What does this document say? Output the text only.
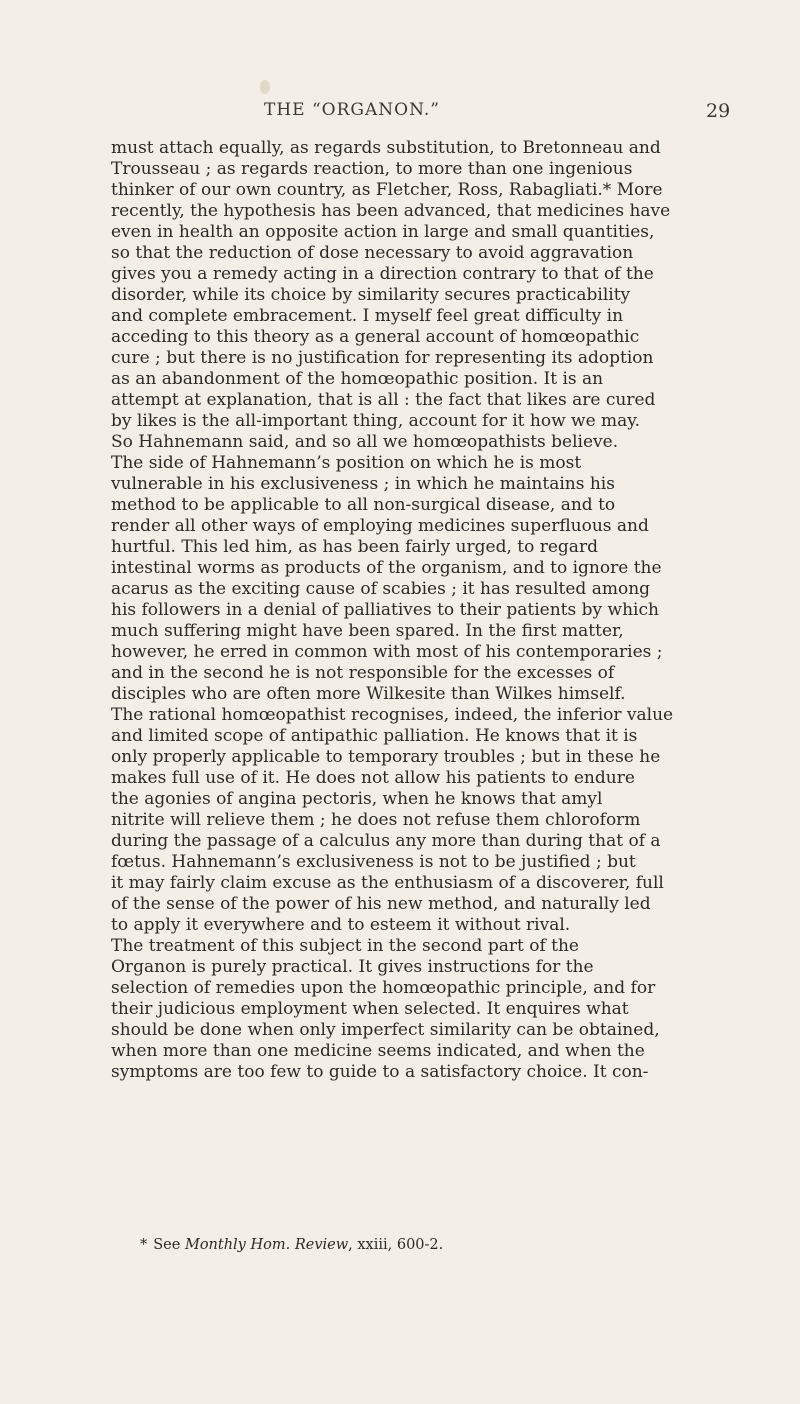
THE “ORGANON.”	29
must attach equally, as regards substitution, to Bretonneau and
Trousseau ; as regards reaction, to more than one ingenious
thinker of our own country, as Fletcher, Ross, Rabagliati.* More
recently, the hypothesis has been advanced, that medicines have
even in health an opposite action in large and small quantities,
so that the reduction of dose necessary to avoid aggravation
gives you a remedy acting in a direction contrary to that of the
disorder, while its choice by similarity secures practicability
and complete embracement. I myself feel great difficulty in
acceding to this theory as a general account of homœopathic
cure ; but there is no justification for representing its adoption
as an abandonment of the homœopathic position. It is an
attempt at explanation, that is all : the fact that likes are cured
by likes is the all-important thing, account for it how we may.
So Hahnemann said, and so all we homœopathists believe.
The side of Hahnemann’s position on which he is most
vulnerable in his exclusiveness ; in which he maintains his
method to be applicable to all non-surgical disease, and to
render all other ways of employing medicines superfluous and
hurtful. This led him, as has been fairly urged, to regard
intestinal worms as products of the organism, and to ignore the
acarus as the exciting cause of scabies ; it has resulted among
his followers in a denial of palliatives to their patients by which
much suffering might have been spared. In the first matter,
however, he erred in common with most of his contemporaries ;
and in the second he is not responsible for the excesses of
disciples who are often more Wilkesite than Wilkes himself.
The rational homœopathist recognises, indeed, the inferior value
and limited scope of antipathic palliation. He knows that it is
only properly applicable to temporary troubles ; but in these he
makes full use of it. He does not allow his patients to endure
the agonies of angina pectoris, when he knows that amyl
nitrite will relieve them ; he does not refuse them chloroform
during the passage of a calculus any more than during that of a
fœtus. Hahnemann’s exclusiveness is not to be justified ; but
it may fairly claim excuse as the enthusiasm of a discoverer, full
of the sense of the power of his new method, and naturally led
to apply it everywhere and to esteem it without rival.
The treatment of this subject in the second part of the
Organon is purely practical. It gives instructions for the
selection of remedies upon the homœopathic principle, and for
their judicious employment when selected. It enquires what
should be done when only imperfect similarity can be obtained,
when more than one medicine seems indicated, and when the
symptoms are too few to guide to a satisfactory choice. It con-
* See Monthly Hom. Review, xxiii, 600-2.
